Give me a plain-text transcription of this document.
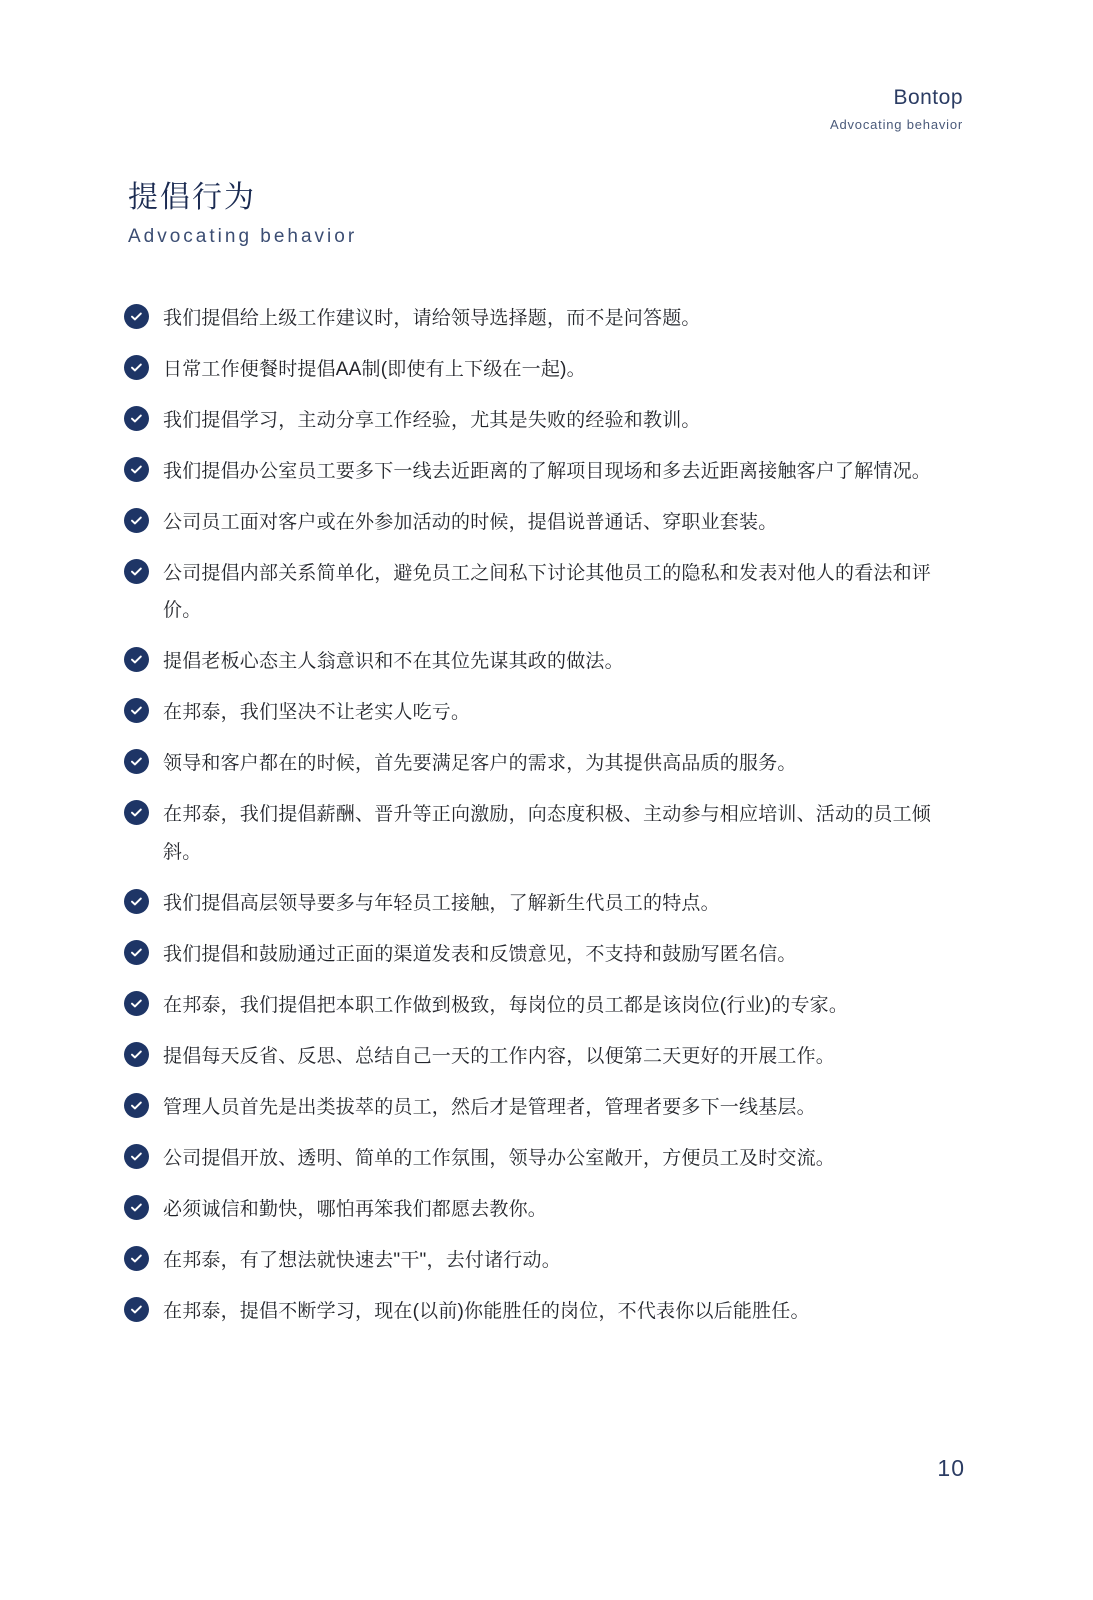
Bontop
Advocating behavior
提倡行为
Advocating behavior
我们提倡给上级工作建议时，请给领导选择题，而不是问答题。
日常工作便餐时提倡AA制(即使有上下级在一起)。
我们提倡学习，主动分享工作经验，尤其是失败的经验和教训。
我们提倡办公室员工要多下一线去近距离的了解项目现场和多去近距离接触客户了解情况。
公司员工面对客户或在外参加活动的时候，提倡说普通话、穿职业套装。
公司提倡内部关系简单化，避免员工之间私下讨论其他员工的隐私和发表对他人的看法和评价。
提倡老板心态主人翁意识和不在其位先谋其政的做法。
在邦泰，我们坚决不让老实人吃亏。
领导和客户都在的时候，首先要满足客户的需求，为其提供高品质的服务。
在邦泰，我们提倡薪酬、晋升等正向激励，向态度积极、主动参与相应培训、活动的员工倾斜。
我们提倡高层领导要多与年轻员工接触，了解新生代员工的特点。
我们提倡和鼓励通过正面的渠道发表和反馈意见，不支持和鼓励写匿名信。
在邦泰，我们提倡把本职工作做到极致，每岗位的员工都是该岗位(行业)的专家。
提倡每天反省、反思、总结自己一天的工作内容，以便第二天更好的开展工作。
管理人员首先是出类拔萃的员工，然后才是管理者，管理者要多下一线基层。
公司提倡开放、透明、简单的工作氛围，领导办公室敞开，方便员工及时交流。
必须诚信和勤快，哪怕再笨我们都愿去教你。
在邦泰，有了想法就快速去"干"，去付诸行动。
在邦泰，提倡不断学习，现在(以前)你能胜任的岗位，不代表你以后能胜任。
10
